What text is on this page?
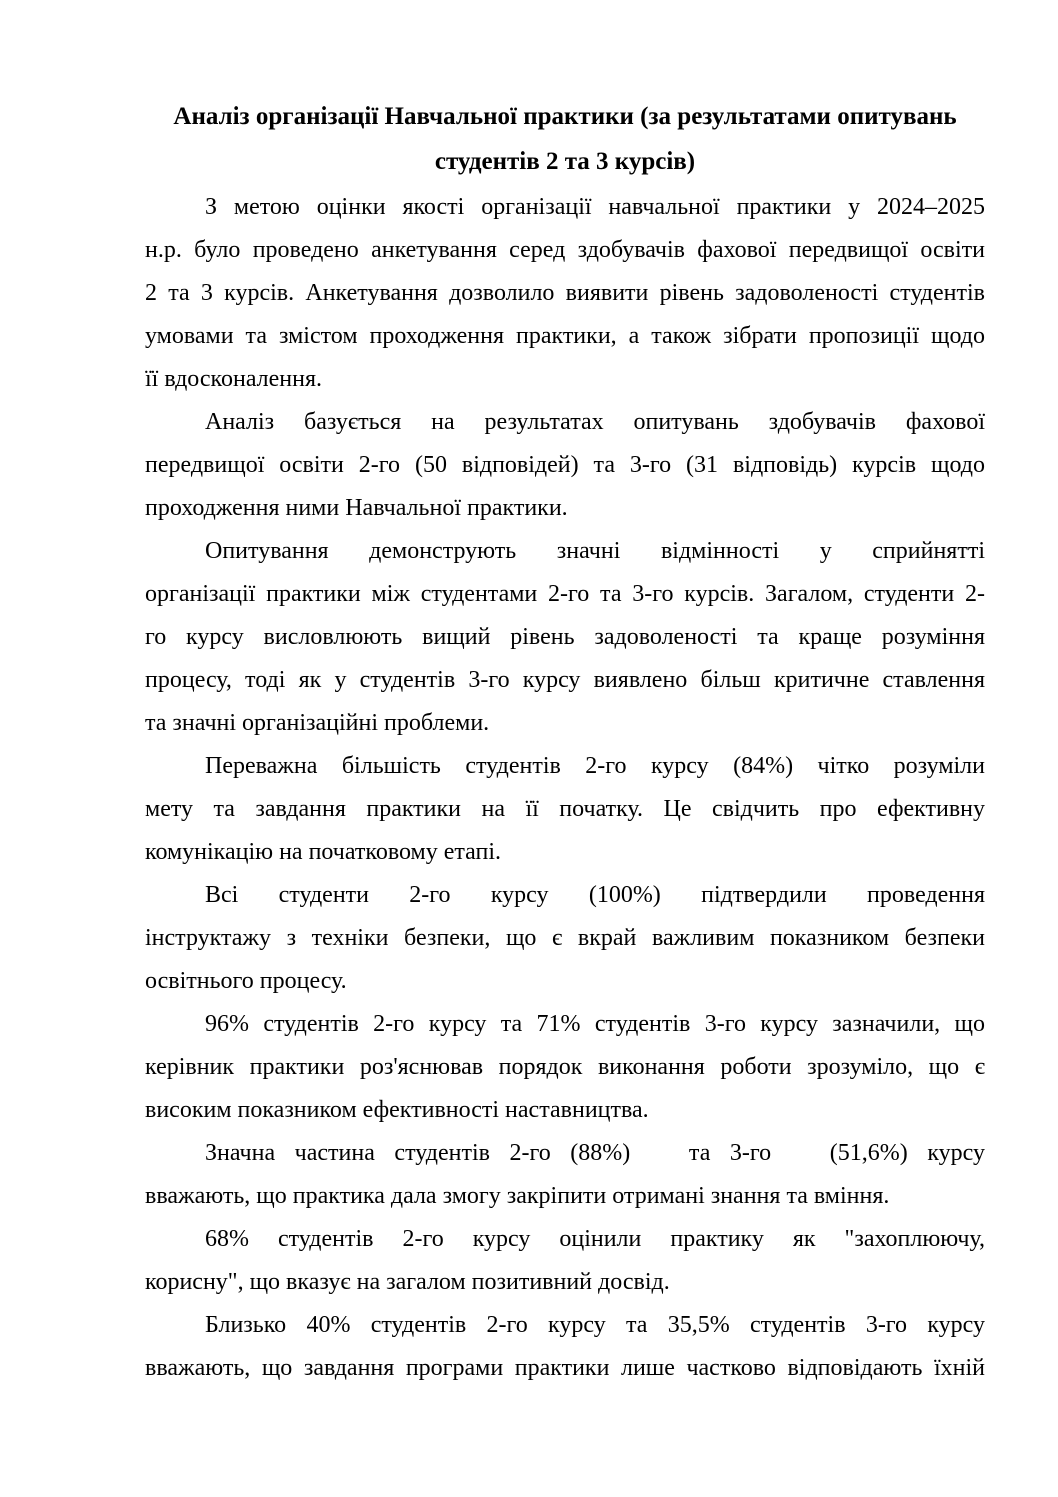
Аналіз організації Навчальної практики (за результатами опитувань
студентів 2 та 3 курсів)
З метою оцінки якості організації навчальної практики у 2024–2025
н.р. було проведено анкетування серед здобувачів фахової передвищої освіти
2 та 3 курсів. Анкетування дозволило виявити рівень задоволеності студентів
умовами та змістом проходження практики, а також зібрати пропозиції щодо
її вдосконалення.
Аналіз базується на результатах опитувань здобувачів фахової
передвищої освіти 2-го (50 відповідей) та 3-го (31 відповідь) курсів щодо
проходження ними Навчальної практики.
Опитування демонструють значні відмінності у сприйнятті
організації практики між студентами 2-го та 3-го курсів. Загалом, студенти 2-
го курсу висловлюють вищий рівень задоволеності та краще розуміння
процесу, тоді як у студентів 3-го курсу виявлено більш критичне ставлення
та значні організаційні проблеми.
Переважна більшість студентів 2-го курсу (84%) чітко розуміли
мету та завдання практики на її початку. Це свідчить про ефективну
комунікацію на початковому етапі.
Всі студенти 2-го курсу (100%) підтвердили проведення
інструктажу з техніки безпеки, що є вкрай важливим показником безпеки
освітнього процесу.
96% студентів 2-го курсу та 71% студентів 3-го курсу зазначили, що
керівник практики роз'яснював порядок виконання роботи зрозуміло, що є
високим показником ефективності наставництва.
Значна частина студентів 2-го (88%)   та 3-го   (51,6%) курсу
вважають, що практика дала змогу закріпити отримані знання та вміння.
68% студентів 2-го курсу оцінили практику як "захоплюючу,
корисну", що вказує на загалом позитивний досвід.
Близько 40% студентів 2-го курсу та 35,5% студентів 3-го курсу
вважають, що завдання програми практики лише частково відповідають їхній
